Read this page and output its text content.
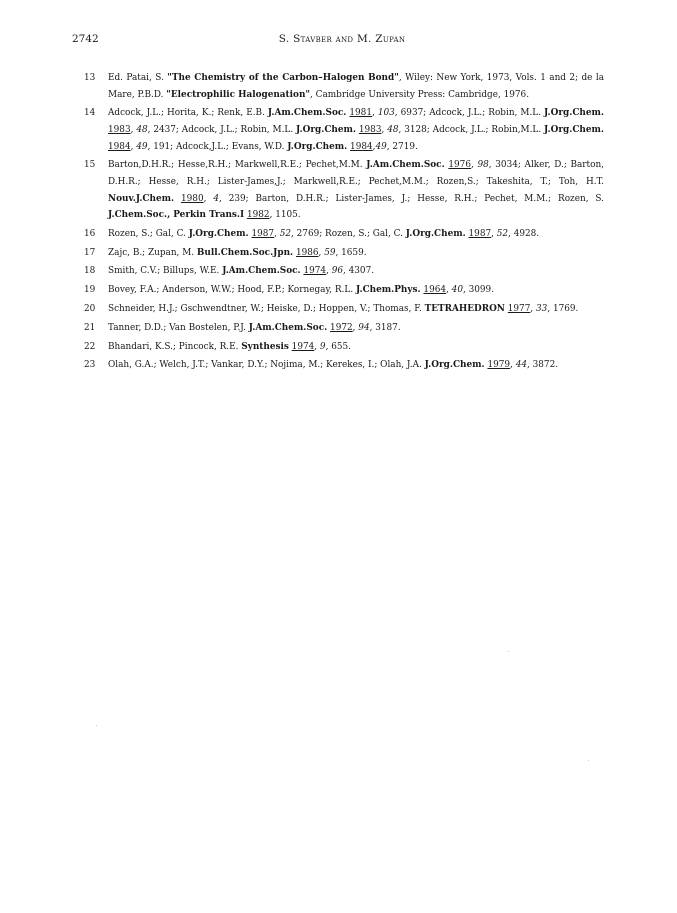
2742	S. Stavber and M. Zupan
13	Ed. Patai, S. "The Chemistry of the Carbon–Halogen Bond", Wiley: New York, 1973, Vols. 1 and 2; de la Mare, P.B.D. "Electrophilic Halogenation", Cambridge University Press: Cambridge, 1976.
14	Adcock, J.L.; Horita, K.; Renk, E.B. J.Am.Chem.Soc. 1981, 103, 6937; Adcock, J.L.; Robin, M.L. J.Org.Chem. 1983, 48, 2437; Adcock, J.L.; Robin, M.L. J.Org.Chem. 1983, 48, 3128; Adcock, J.L.; Robin,M.L. J.Org.Chem. 1984, 49, 191; Adcock,J.L.; Evans, W.D. J.Org.Chem. 1984,49, 2719.
15	Barton,D.H.R.; Hesse,R.H.; Markwell,R.E.; Pechet,M.M. J.Am.Chem.Soc. 1976, 98, 3034; Alker, D.; Barton, D.H.R.; Hesse, R.H.; Lister-James,J.; Markwell,R.E.; Pechet,M.M.; Rozen,S.; Takeshita, T.; Toh, H.T. Nouv.J.Chem. 1980, 4, 239; Barton, D.H.R.; Lister-James, J.; Hesse, R.H.; Pechet, M.M.; Rozen, S. J.Chem.Soc., Perkin Trans.I 1982, 1105.
16	Rozen, S.; Gal, C. J.Org.Chem. 1987, 52, 2769; Rozen, S.; Gal, C. J.Org.Chem. 1987, 52, 4928.
17	Zajc, B.; Zupan, M. Bull.Chem.Soc.Jpn. 1986, 59, 1659.
18	Smith, C.V.; Billups, W.E. J.Am.Chem.Soc. 1974, 96, 4307.
19	Bovey, F.A.; Anderson, W.W.; Hood, F.P.; Kornegay, R.L. J.Chem.Phys. 1964, 40, 3099.
20	Schneider, H.J.; Gschwendtner, W.; Heiske, D.; Hoppen, V.; Thomas, F. TETRAHEDRON 1977, 33, 1769.
21	Tanner, D.D.; Van Bostelen, P.J. J.Am.Chem.Soc. 1972, 94, 3187.
22	Bhandari, K.S.; Pincock, R.E. Synthesis 1974, 9, 655.
23	Olah, G.A.; Welch, J.T.; Vankar, D.Y.; Nojima, M.; Kerekes, I.; Olah, J.A. J.Org.Chem. 1979, 44, 3872.
